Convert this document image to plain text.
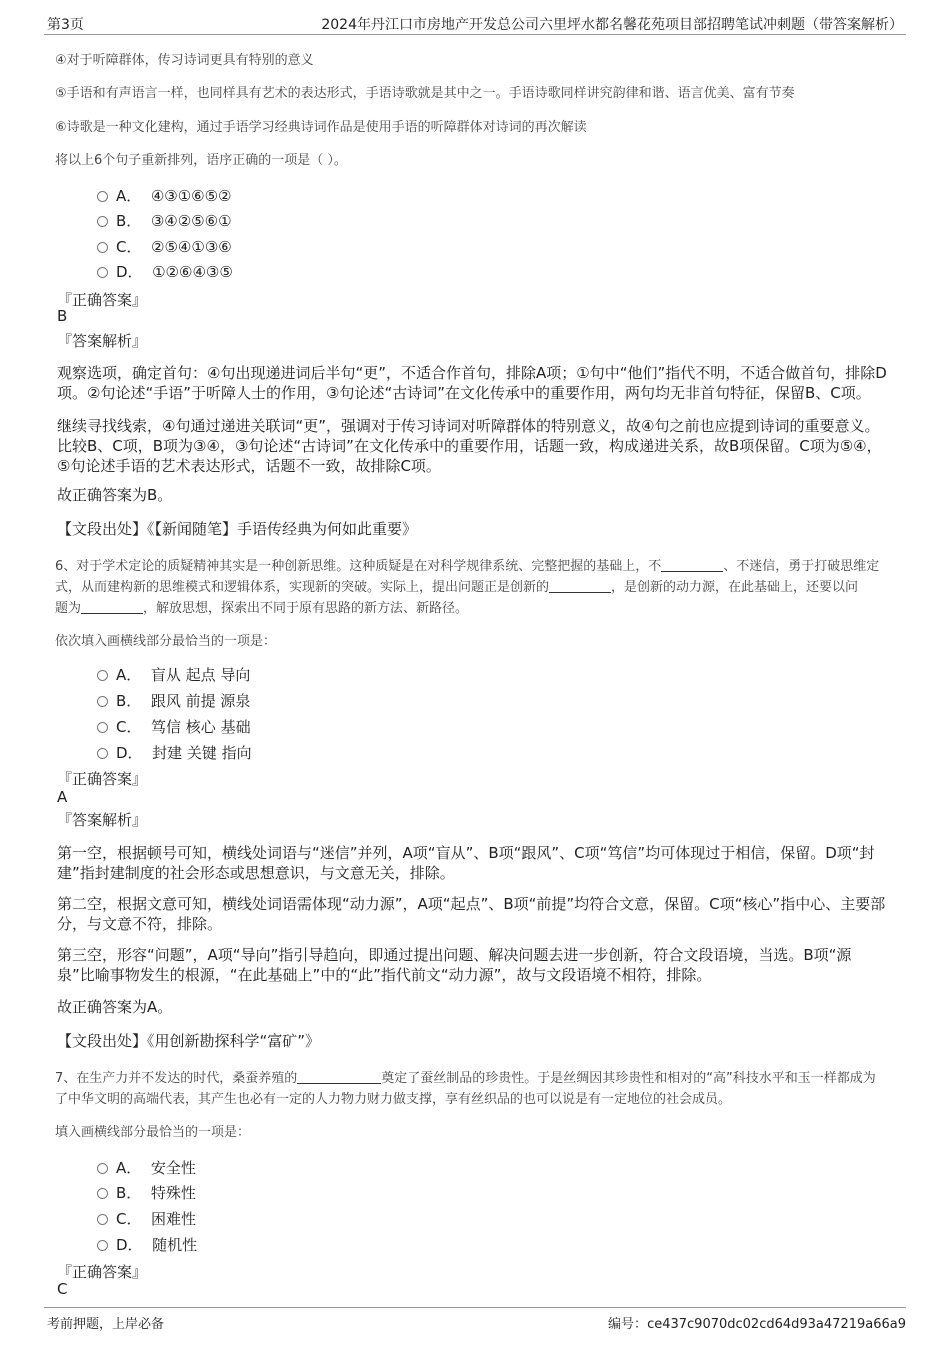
第3页	2024年丹江口市房地产开发总公司六里坪水都名馨花苑项目部招聘笔试冲刺题（带答案解析）
④对于听障群体，传习诗词更具有特别的意义
⑤手语和有声语言一样，也同样具有艺术的表达形式，手语诗歌就是其中之一。手语诗歌同样讲究韵律和谐、语言优美、富有节奏
⑥诗歌是一种文化建构，通过手语学习经典诗词作品是使用手语的听障群体对诗词的再次解读
将以上6个句子重新排列，语序正确的一项是（ ）。
A． ④③①⑥⑤②
B． ③④②⑤⑥①
C． ②⑤④①③⑥
D． ①②⑥④③⑤
『正确答案』
B
『答案解析』
观察选项，确定首句：④句出现递进词后半句“更”，不适合作首句，排除A项；①句中“他们”指代不明，不适合做首句，排除D项。②句论述“手语”于听障人士的作用，③句论述“古诗词”在文化传承中的重要作用，两句均无非首句特征，保留B、C项。
继续寻找线索，④句通过递进关联词“更”，强调对于传习诗词对听障群体的特别意义，故④句之前也应提到诗词的重要意义。比较B、C项，B项为③④，③句论述“古诗词”在文化传承中的重要作用，话题一致，构成递进关系，故B项保留。C项为⑤④，⑤句论述手语的艺术表达形式，话题不一致，故排除C项。
故正确答案为B。
【文段出处】《【新闻随笔】手语传经典为何如此重要》
6、对于学术定论的质疑精神其实是一种创新思维。这种质疑是在对科学规律系统、完整把握的基础上，不	、不迷信，勇于打破思维定
式，从而建构新的思维模式和逻辑体系，实现新的突破。实际上，提出问题正是创新的	，是创新的动力源，在此基础上，还要以问
题为	，解放思想，探索出不同于原有思路的新方法、新路径。
依次填入画横线部分最恰当的一项是：
A． 盲从 起点 导向
B． 跟风 前提 源泉
C． 笃信 核心 基础
D． 封建 关键 指向
『正确答案』
A
『答案解析』
第一空，根据顿号可知，横线处词语与“迷信”并列，A项“盲从”、B项“跟风”、C项“笃信”均可体现过于相信，保留。D项“封建”指封建制度的社会形态或思想意识，与文意无关，排除。
第二空，根据文意可知，横线处词语需体现“动力源”，A项“起点”、B项“前提”均符合文意，保留。C项“核心”指中心、主要部分，与文意不符，排除。
第三空，形容“问题”，A项“导向”指引导趋向，即通过提出问题、解决问题去进一步创新，符合文段语境，当选。B项“源泉”比喻事物发生的根源，“在此基础上”中的“此”指代前文“动力源”，故与文段语境不相符，排除。
故正确答案为A。
【文段出处】《用创新勘探科学“富矿”》
7、在生产力并不发达的时代，桑蚕养殖的	奠定了蚕丝制品的珍贵性。于是丝绸因其珍贵性和相对的“高”科技水平和玉一样都成为
了中华文明的高端代表，其产生也必有一定的人力物力财力做支撑，享有丝织品的也可以说是有一定地位的社会成员。
填入画横线部分最恰当的一项是：
A． 安全性
B． 特殊性
C． 困难性
D． 随机性
『正确答案』
C
考前押题，上岸必备	编号：ce437c9070dc02cd64d93a47219a66a9
